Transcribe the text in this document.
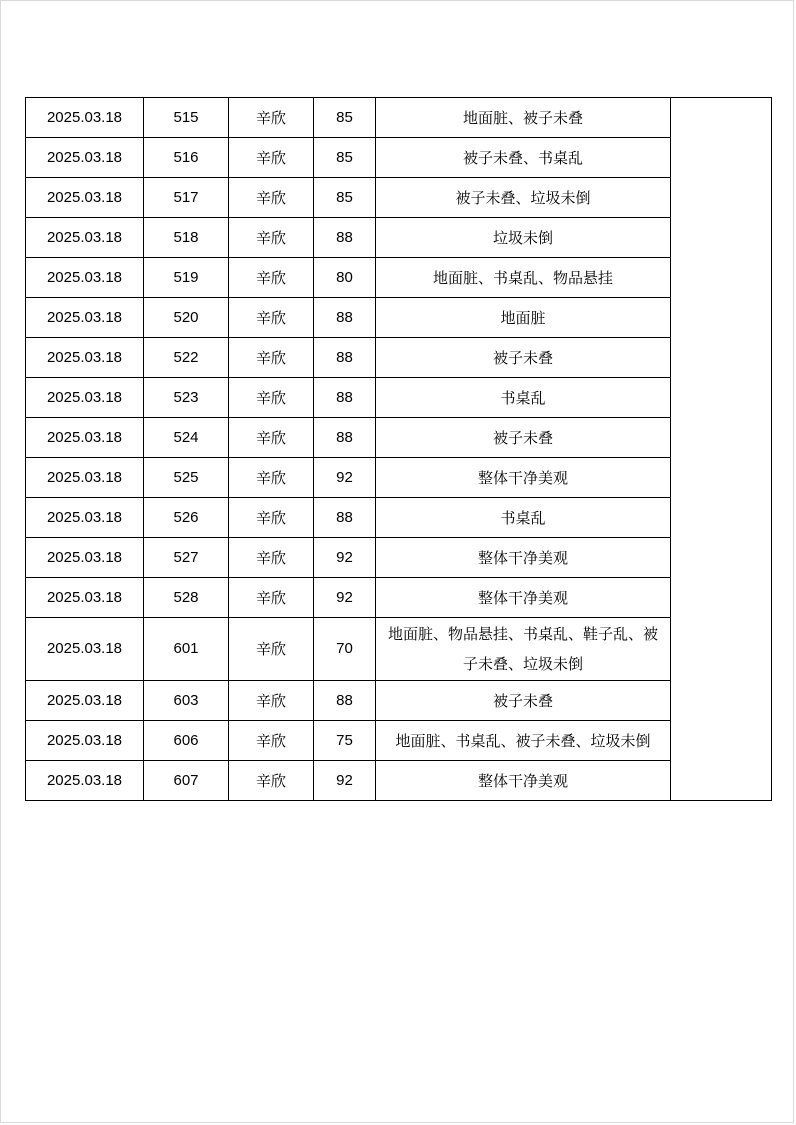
2025.03.18	515	辛欣	85	地面脏、被子未叠	
2025.03.18	516	辛欣	85	被子未叠、书桌乱	
2025.03.18	517	辛欣	85	被子未叠、垃圾未倒	
2025.03.18	518	辛欣	88	垃圾未倒	
2025.03.18	519	辛欣	80	地面脏、书桌乱、物品悬挂	
2025.03.18	520	辛欣	88	地面脏	
2025.03.18	522	辛欣	88	被子未叠	
2025.03.18	523	辛欣	88	书桌乱	
2025.03.18	524	辛欣	88	被子未叠	
2025.03.18	525	辛欣	92	整体干净美观	
2025.03.18	526	辛欣	88	书桌乱	
2025.03.18	527	辛欣	92	整体干净美观	
2025.03.18	528	辛欣	92	整体干净美观	
2025.03.18	601	辛欣	70	地面脏、物品悬挂、书桌乱、鞋子乱、被子未叠、垃圾未倒	
2025.03.18	603	辛欣	88	被子未叠	
2025.03.18	606	辛欣	75	地面脏、书桌乱、被子未叠、垃圾未倒	
2025.03.18	607	辛欣	92	整体干净美观	
